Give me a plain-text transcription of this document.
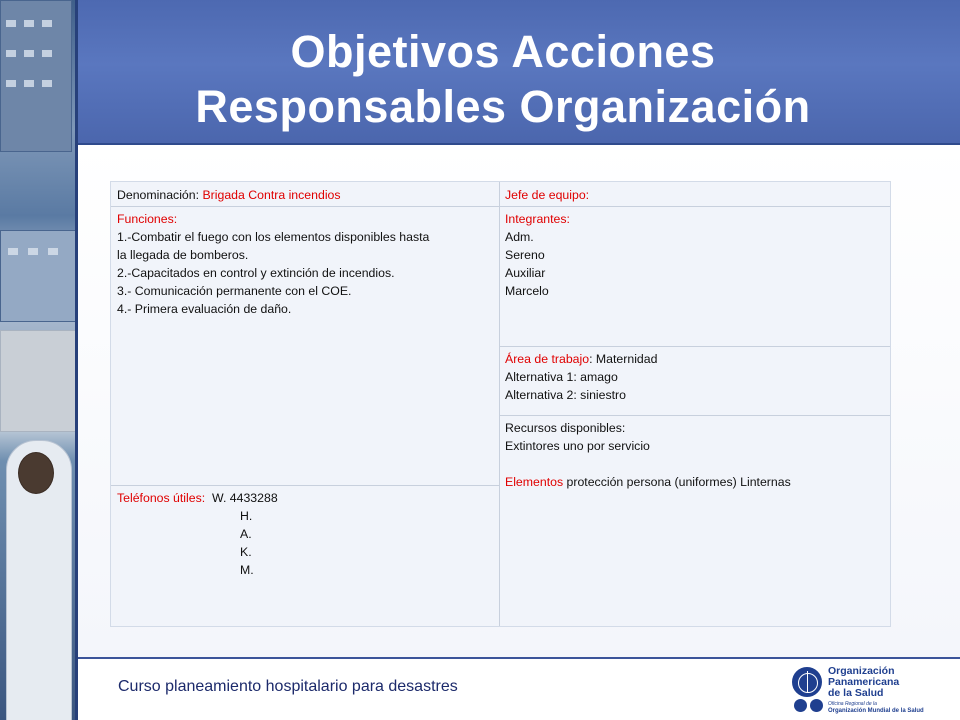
Objetivos Acciones
Responsables Organización
Denominación: Brigada Contra incendios	Jefe de equipo:
Funciones:
1.-Combatir el fuego con los elementos disponibles hasta
la llegada de bomberos.
2.-Capacitados en control y extinción de incendios.
3.- Comunicación permanente con el COE.
4.- Primera evaluación de daño.
Integrantes:
Adm.
Sereno
Auxiliar
Marcelo
Área de trabajo: Maternidad
Alternativa 1: amago
Alternativa 2: siniestro
Recursos disponibles:
Extintores uno por servicio
Elementos protección persona (uniformes) Linternas
Teléfonos útiles:  W. 4433288
H.
A.
K.
M.
Curso planeamiento hospitalario para desastres
Organización
Panamericana
de la Salud
Oficina Regional de la
Organización Mundial de la Salud
